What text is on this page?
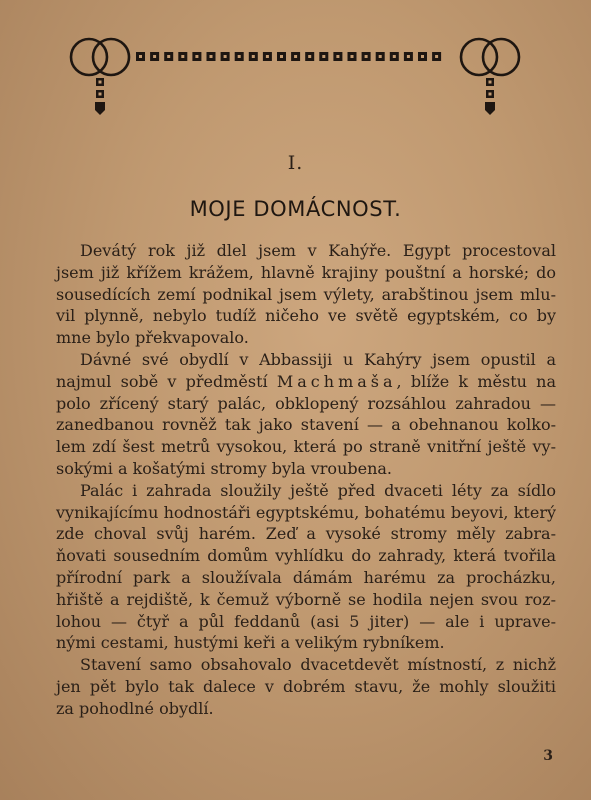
I.
MOJE DOMÁCNOST.

Devátý rok již dlel jsem v Kahýře. Egypt procestoval
jsem již křížem krážem, hlavně krajiny pouštní a horské; do
sousedících zemí podnikal jsem výlety, arabštinou jsem mlu-
vil plynně, nebylo tudíž ničeho ve světě egyptském, co by
mne bylo překvapovalo.

Dávné své obydlí v Abbassiji u Kahýry jsem opustil a
najmul sobě v předměstí Machmaša, blíže k městu na
polo zřícený starý palác, obklopený rozsáhlou zahradou —
zanedbanou rovněž tak jako stavení — a obehnanou kolko-
lem zdí šest metrů vysokou, která po straně vnitřní ještě vy-
sokými a košatými stromy byla vroubena.

Palác i zahrada sloužily ještě před dvaceti léty za sídlo
vynikajícímu hodnostáři egyptskému, bohatému beyovi, který
zde choval svůj harém. Zeď a vysoké stromy měly zabra-
ňovati sousedním domům vyhlídku do zahrady, která tvořila
přírodní park a sloužívala dámám harému za procházku,
hřiště a rejdiště, k čemuž výborně se hodila nejen svou roz-
lohou — čtyř a půl feddanů (asi 5 jiter) — ale i uprave-
nými cestami, hustými keři a velikým rybníkem.

Stavení samo obsahovalo dvacetdevět místností, z nichž
jen pět bylo tak dalece v dobrém stavu, že mohly sloužiti
za pohodlné obydlí.

3
